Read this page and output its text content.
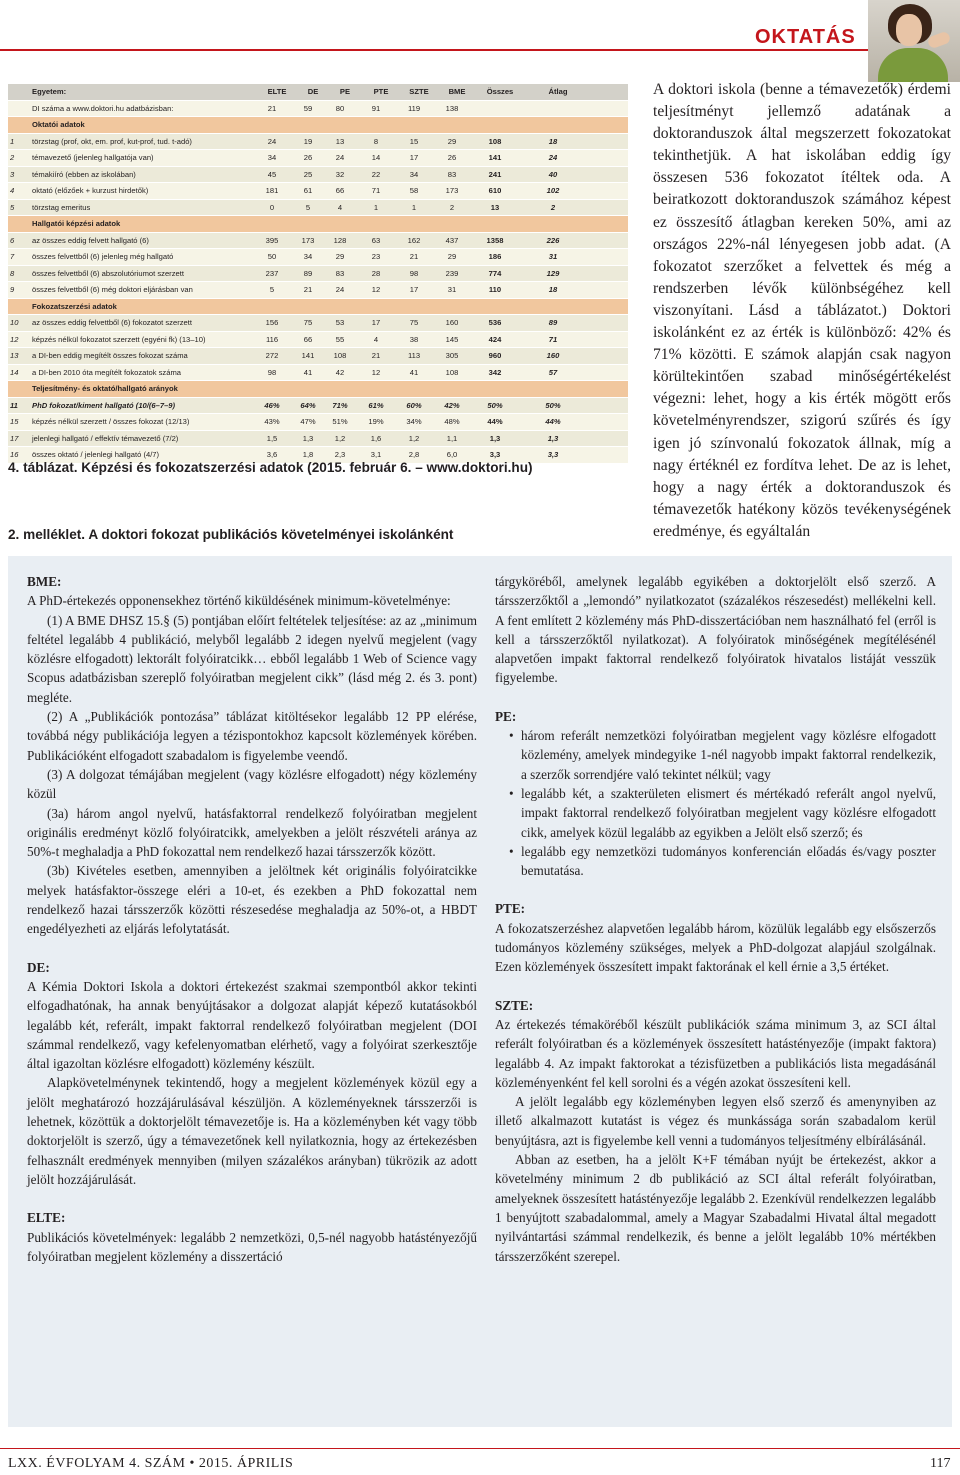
OKTATÁS
Egyetem:	ELTE	DE	PE	PTE	SZTE	BME	Összes	Átlag
DI száma a www.doktori.hu adatbázisban:	21	59	80	91	119	138
Oktatói adatok
1	törzstag (prof, okt, em. prof, kut-prof, tud. t-adó)	24	19	13	8	15	29	108	18
2	témavezető (jelenleg hallgatója van)	34	26	24	14	17	26	141	24
3	témakiíró (ebben az iskolában)	45	25	32	22	34	83	241	40
4	oktató (előzőek + kurzust hirdetők)	181	61	66	71	58	173	610	102
5	törzstag emeritus	0	5	4	1	1	2	13	2
Hallgatói képzési adatok
6	az összes eddig felvett hallgató (6)	395	173	128	63	162	437	1358	226
7	összes felvettből (6) jelenleg még hallgató	50	34	29	23	21	29	186	31
8	összes felvettből (6) abszolutóriumot szerzett	237	89	83	28	98	239	774	129
9	összes felvettből (6) még doktori eljárásban van	5	21	24	12	17	31	110	18
Fokozatszerzési adatok
10	az összes eddig felvettből (6) fokozatot szerzett	156	75	53	17	75	160	536	89
12	képzés nélkül fokozatot szerzett (egyéni fk) (13–10)	116	66	55	4	38	145	424	71
13	a DI-ben eddig megítélt összes fokozat száma	272	141	108	21	113	305	960	160
14	a DI-ben 2010 óta megítélt fokozatok száma	98	41	42	12	41	108	342	57
Teljesítmény- és oktató/hallgató arányok
11	PhD fokozat/kiment hallgató (10/(6–7–9)	46%	64%	71%	61%	60%	42%	50%	50%
15	képzés nélkül szerzett / összes fokozat (12/13)	43%	47%	51%	19%	34%	48%	44%	44%
17	jelenlegi hallgató / effektív témavezető (7/2)	1,5	1,3	1,2	1,6	1,2	1,1	1,3	1,3
16	összes oktató / jelenlegi hallgató (4/7)	3,6	1,8	2,3	3,1	2,8	6,0	3,3	3,3
4. táblázat. Képzési és fokozatszerzési adatok (2015. február 6. – www.doktori.hu)
2. melléklet. A doktori fokozat publikációs követelményei iskolánként

A doktori iskola (benne a témavezetők) érdemi teljesítményt jellemző adatának a doktoranduszok által megszerzett fokozatokat tekinthetjük. A hat iskolában eddig így összesen 536 fokozatot ítéltek oda. A beiratkozott doktoranduszok számához képest ez összesítő átlagban kereken 50%, ami az országos 22%-nál lényegesen jobb adat. (A fokozatot szerzőket a felvettek és még a rendszerben lévők különbségéhez kell viszonyítani. Lásd a táblázatot.) Doktori iskolánként ez az érték is különböző: 42% és 71% közötti. E számok alapján csak nagyon körültekintően szabad minőségértékelést végezni: lehet, hogy a kis érték mögött erős követelményrendszer, szigorú szűrés és így igen jó színvonalú fokozatok állnak, míg a nagy értéknél ez fordítva lehet. De az is lehet, hogy a nagy érték a doktoranduszok és témavezetők hatékony közös tevékenységének eredménye, és egyáltalán

BME:

A PhD-értekezés opponensekhez történő kiküldésének minimum-követelménye:

(1) A BME DHSZ 15.§ (5) pontjában előírt feltételek teljesítése: az az „minimum feltétel legalább 4 publikáció, melyből legalább 2 idegen nyelvű megjelent (vagy közlésre elfogadott) lektorált folyóiratcikk… ebből legalább 1 Web of Science vagy Scopus adatbázisban szereplő folyóiratban megjelent cikk” (lásd még 2. és 3. pont) megléte.

(2) A „Publikációk pontozása” táblázat kitöltésekor legalább 12 PP elérése, továbbá négy publikációja legyen a tézispontokhoz kapcsolt közlemények körében. Publikációként elfogadott szabadalom is figyelembe veendő.

(3) A dolgozat témájában megjelent (vagy közlésre elfogadott) négy közlemény közül

(3a) három angol nyelvű, hatásfaktorral rendelkező folyóiratban megjelent originális eredményt közlő folyóiratcikk, amelyekben a jelölt részvételi aránya az 50%-t meghaladja a PhD fokozattal nem rendelkező hazai társszerzők között.

(3b) Kivételes esetben, amennyiben a jelöltnek két originális folyóiratcikke melyek hatásfaktor-összege eléri a 10-et, és ezekben a PhD fokozattal nem rendelkező hazai társszerzők közötti részesedése meghaladja az 50%-ot, a HBDT engedélyezheti az eljárás lefolytatását.

DE:

A Kémia Doktori Iskola a doktori értekezést szakmai szempontból akkor tekinti elfogadhatónak, ha annak benyújtásakor a dolgozat alapját képező kutatásokból legalább két, referált, impakt faktorral rendelkező folyóiratban megjelent (DOI számmal rendelkező, vagy kefelenyomatban elérhető, vagy a folyóirat szerkesztője által igazoltan közlésre elfogadott) közlemény készült.

Alapkövetelménynek tekintendő, hogy a megjelent közlemények közül egy a jelölt meghatározó hozzájárulásával készüljön. A közleményeknek társszerzői is lehetnek, közöttük a doktorjelölt témavezetője is. Ha a közleményben két vagy több doktorjelölt is szerző, úgy a témavezetőnek kell nyilatkoznia, hogy az értekezésben felhasznált eredmények mennyiben (milyen százalékos arányban) tükrözik az adott jelölt hozzájárulását.

ELTE:

Publikációs követelmények: legalább 2 nemzetközi, 0,5-nél nagyobb hatástényezőjű folyóiratban megjelent közlemény a disszertáció

tárgyköréből, amelynek legalább egyikében a doktorjelölt első szerző. A társszerzőktől a „lemondó” nyilatkozatot (százalékos részesedést) mellékelni kell. A fent említett 2 közlemény más PhD-disszertációban nem használható fel (erről is kell a társszerzőktől nyilatkozat). A folyóiratok minőségének megítélésénél alapvetően impakt faktorral rendelkező folyóiratok hivatalos listáját vesszük figyelembe.

PE:

• három referált nemzetközi folyóiratban megjelent vagy közlésre elfogadott közlemény, amelyek mindegyike 1-nél nagyobb impakt faktorral rendelkezik, a szerzők sorrendjére való tekintet nélkül; vagy
• legalább két, a szakterületen elismert és mértékadó referált angol nyelvű, impakt faktorral rendelkező folyóiratban megjelent vagy közlésre elfogadott cikk, amelyek közül legalább az egyikben a Jelölt első szerző; és
• legalább egy nemzetközi tudományos konferencián előadás és/vagy poszter bemutatása.

PTE:

A fokozatszerzéshez alapvetően legalább három, közülük legalább egy elsőszerzős tudományos közlemény szükséges, melyek a PhD-dolgozat alapjául szolgálnak. Ezen közlemények összesített impakt faktorának el kell érnie a 3,5 értéket.

SZTE:

Az értekezés témaköréből készült publikációk száma minimum 3, az SCI által referált folyóiratban és a közlemények összesített hatástényezője (impakt faktora) legalább 4. Az impakt faktorokat a tézisfüzetben a publikációs lista megadásánál közleményenként fel kell sorolni és a végén azokat összesíteni kell.

A jelölt legalább egy közleményben legyen első szerző és amenynyiben az illető alkalmazott kutatást is végez és munkássága során szabadalom kerül benyújtásra, azt is figyelembe kell venni a tudományos teljesítmény elbírálásánál.

Abban az esetben, ha a jelölt K+F témában nyújt be értekezést, akkor a követelmény minimum 2 db publikáció az SCI által referált folyóiratban, amelyeknek összesített hatástényezője legalább 2. Ezenkívül rendelkezzen legalább 1 benyújtott szabadalommal, amely a Magyar Szabadalmi Hivatal által megadott nyilvántartási számmal rendelkezik, és benne a jelölt legalább 10% mértékben társszerzőként szerepel.

LXX. ÉVFOLYAM 4. SZÁM • 2015. ÁPRILIS	117
